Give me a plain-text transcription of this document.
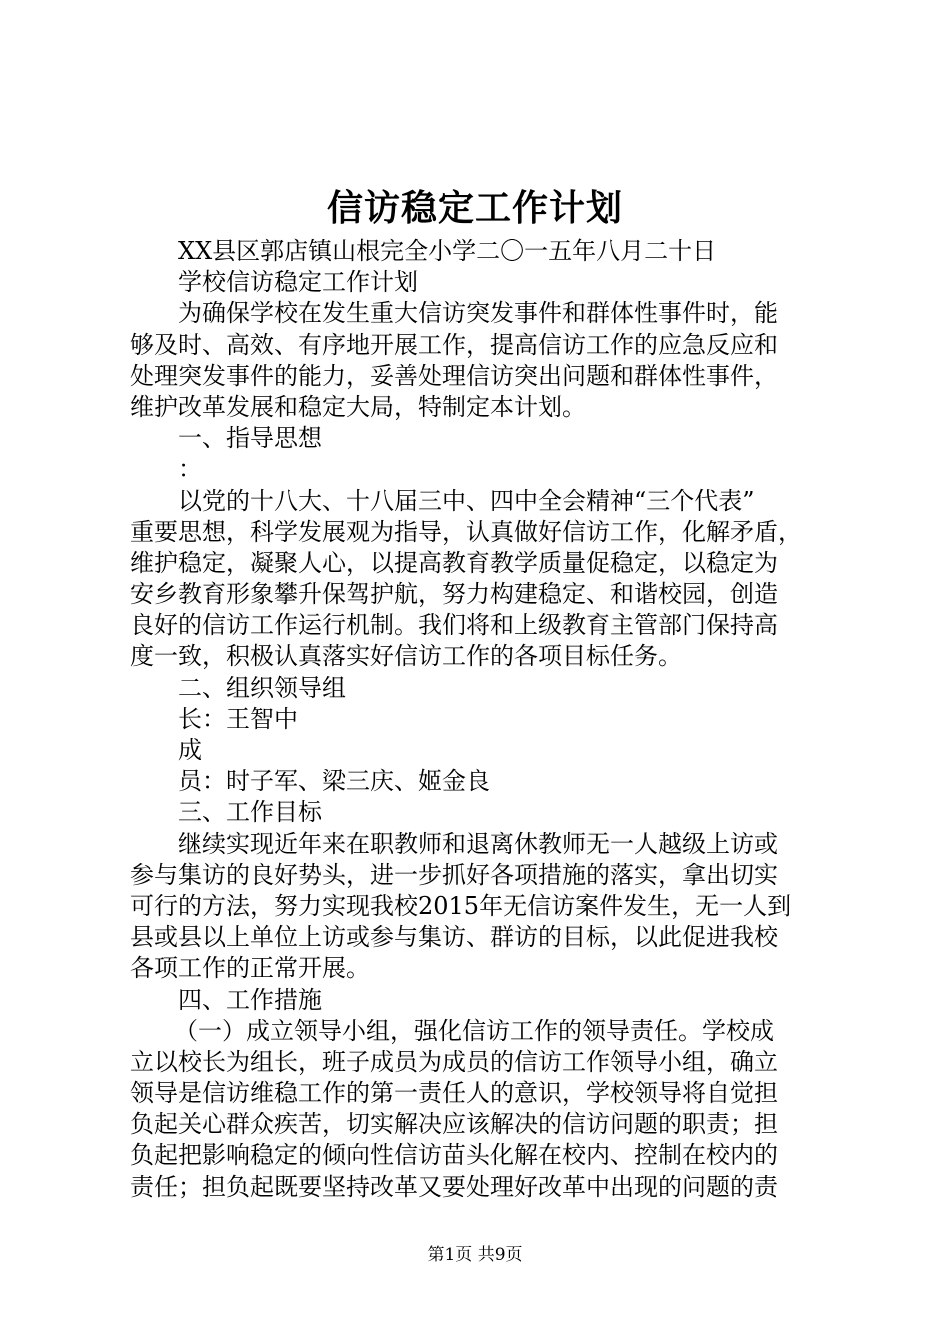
信访稳定工作计划
XX县区郭店镇山根完全小学二〇一五年八月二十日
学校信访稳定工作计划
为确保学校在发生重大信访突发事件和群体性事件时，能
够及时、高效、有序地开展工作，提高信访工作的应急反应和
处理突发事件的能力，妥善处理信访突出问题和群体性事件，
维护改革发展和稳定大局，特制定本计划。
一、指导思想
：
以党的十八大、十八届三中、四中全会精神“三个代表”
重要思想，科学发展观为指导，认真做好信访工作，化解矛盾，
维护稳定，凝聚人心，以提高教育教学质量促稳定，以稳定为
安乡教育形象攀升保驾护航，努力构建稳定、和谐校园，创造
良好的信访工作运行机制。我们将和上级教育主管部门保持高
度一致，积极认真落实好信访工作的各项目标任务。
二、组织领导组
长：王智中
成
员：时子军、梁三庆、姬金良
三、工作目标
继续实现近年来在职教师和退离休教师无一人越级上访或
参与集访的良好势头，进一步抓好各项措施的落实，拿出切实
可行的方法，努力实现我校2015年无信访案件发生，无一人到
县或县以上单位上访或参与集访、群访的目标，以此促进我校
各项工作的正常开展。
四、工作措施
（一）成立领导小组，强化信访工作的领导责任。学校成
立以校长为组长，班子成员为成员的信访工作领导小组，确立
领导是信访维稳工作的第一责任人的意识，学校领导将自觉担
负起关心群众疾苦，切实解决应该解决的信访问题的职责；担
负起把影响稳定的倾向性信访苗头化解在校内、控制在校内的
责任；担负起既要坚持改革又要处理好改革中出现的问题的责
第1页 共9页
